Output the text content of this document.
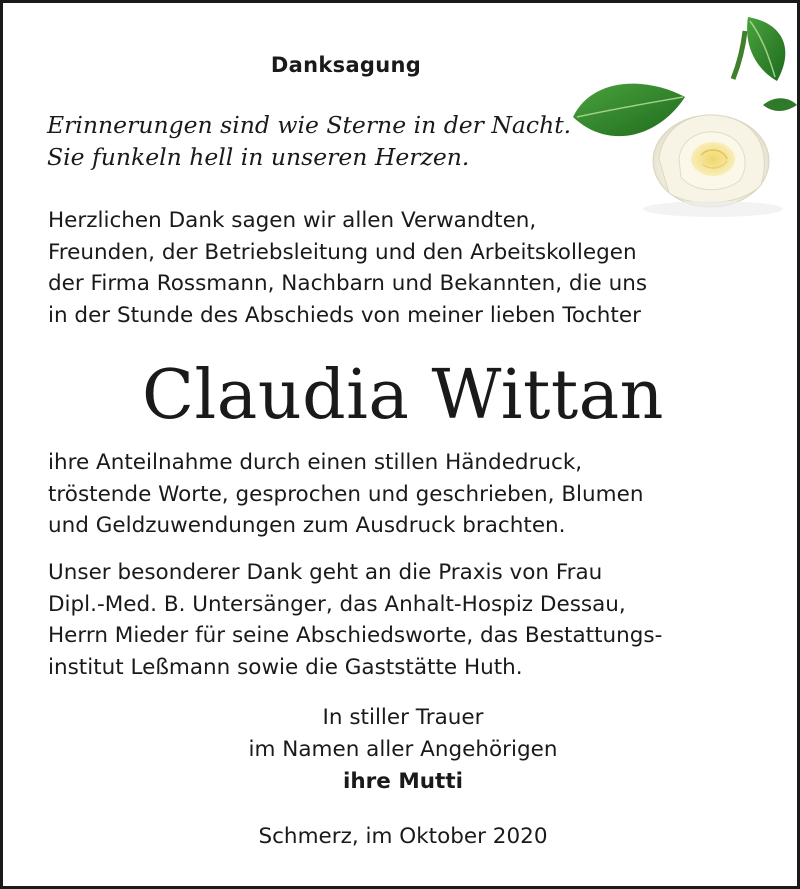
Danksagung
Erinnerungen sind wie Sterne in der Nacht.
Sie funkeln hell in unseren Herzen.
Herzlichen Dank sagen wir allen Verwandten,
Freunden, der Betriebsleitung und den Arbeitskollegen
der Firma Rossmann, Nachbarn und Bekannten, die uns
in der Stunde des Abschieds von meiner lieben Tochter
Claudia Wittan
ihre Anteilnahme durch einen stillen Händedruck,
tröstende Worte, gesprochen und geschrieben, Blumen
und Geldzuwendungen zum Ausdruck brachten.
Unser besonderer Dank geht an die Praxis von Frau
Dipl.-Med. B. Untersänger, das Anhalt-Hospiz Dessau,
Herrn Mieder für seine Abschiedsworte, das Bestattungs-
institut Leßmann sowie die Gaststätte Huth.
In stiller Trauer
im Namen aller Angehörigen
ihre Mutti
Schmerz, im Oktober 2020
